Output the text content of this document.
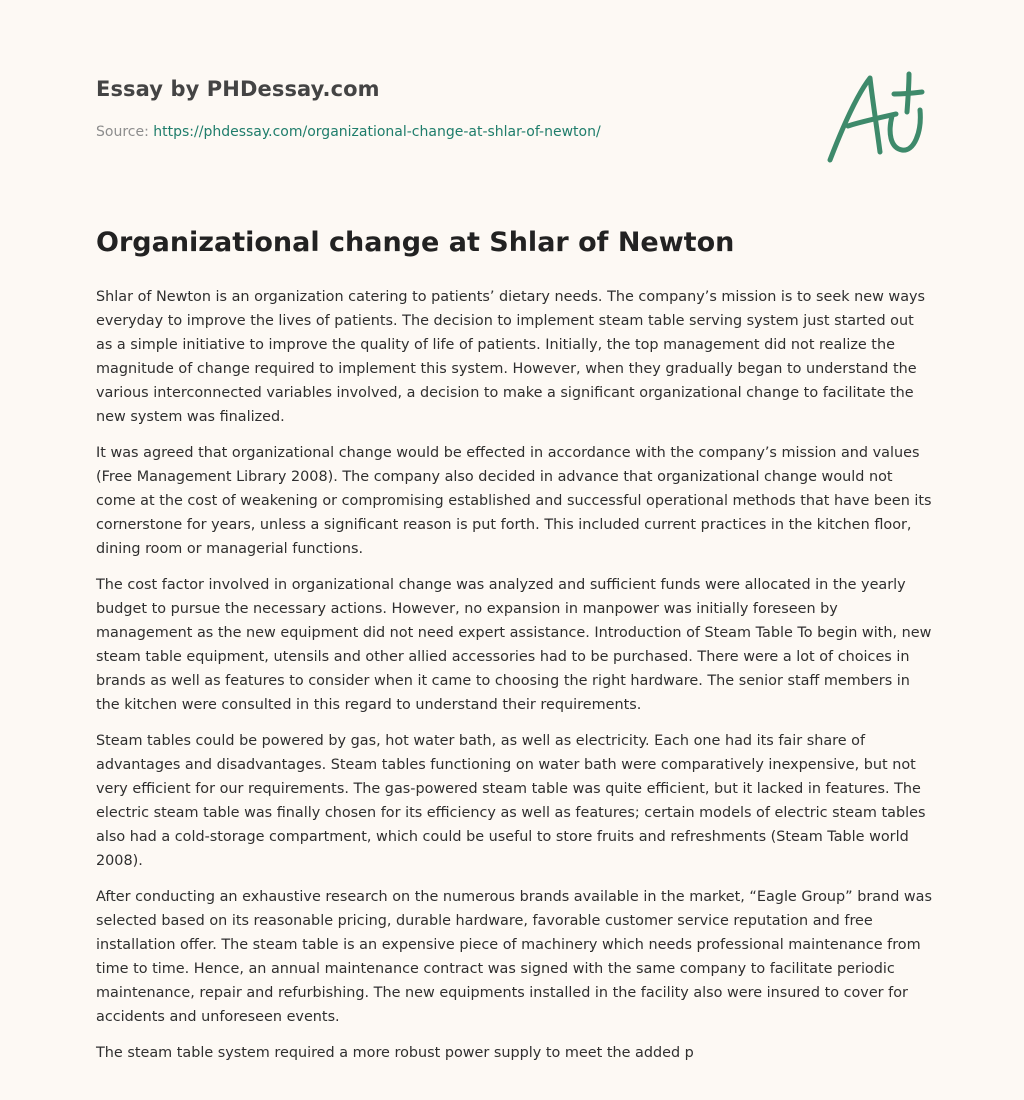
Essay by PHDessay.com
Source: https://phdessay.com/organizational-change-at-shlar-of-newton/
Organizational change at Shlar of Newton

Shlar of Newton is an organization catering to patients’ dietary needs. The company’s mission is to seek new ways everyday to improve the lives of patients. The decision to implement steam table serving system just started out as a simple initiative to improve the quality of life of patients. Initially, the top management did not realize the magnitude of change required to implement this system. However, when they gradually began to understand the various interconnected variables involved, a decision to make a significant organizational change to facilitate the new system was finalized.

It was agreed that organizational change would be effected in accordance with the company’s mission and values (Free Management Library 2008). The company also decided in advance that organizational change would not come at the cost of weakening or compromising established and successful operational methods that have been its cornerstone for years, unless a significant reason is put forth. This included current practices in the kitchen floor, dining room or managerial functions.

The cost factor involved in organizational change was analyzed and sufficient funds were allocated in the yearly budget to pursue the necessary actions. However, no expansion in manpower was initially foreseen by management as the new equipment did not need expert assistance. Introduction of Steam Table To begin with, new steam table equipment, utensils and other allied accessories had to be purchased. There were a lot of choices in brands as well as features to consider when it came to choosing the right hardware. The senior staff members in the kitchen were consulted in this regard to understand their requirements.

Steam tables could be powered by gas, hot water bath, as well as electricity. Each one had its fair share of advantages and disadvantages. Steam tables functioning on water bath were comparatively inexpensive, but not very efficient for our requirements. The gas-powered steam table was quite efficient, but it lacked in features. The electric steam table was finally chosen for its efficiency as well as features; certain models of electric steam tables also had a cold-storage compartment, which could be useful to store fruits and refreshments (Steam Table world 2008).

After conducting an exhaustive research on the numerous brands available in the market, “Eagle Group” brand was selected based on its reasonable pricing, durable hardware, favorable customer service reputation and free installation offer. The steam table is an expensive piece of machinery which needs professional maintenance from time to time. Hence, an annual maintenance contract was signed with the same company to facilitate periodic maintenance, repair and refurbishing. The new equipments installed in the facility also were insured to cover for accidents and unforeseen events.

The steam table system required a more robust power supply to meet the added p
